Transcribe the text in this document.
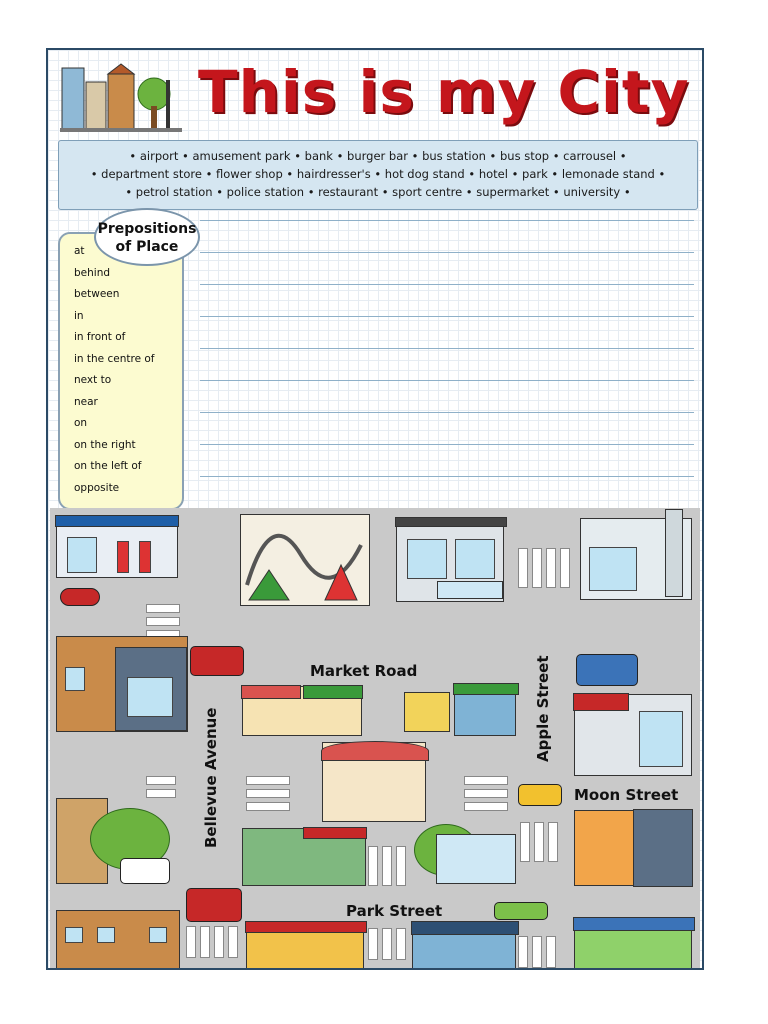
This is my City
• airport • amusement park • bank • burger bar • bus station • bus stop • carrousel •
• department store • flower shop • hairdresser's • hot dog stand • hotel • park • lemonade stand •
• petrol station • police station • restaurant • sport centre • supermarket • university •
Prepositions
of Place
at
behind
between
in
in front of
in the centre of
next to
near
on
on the right
on the left of
opposite
Market Road	Apple Street
Bellevue Avenue	Moon Street
Park Street
